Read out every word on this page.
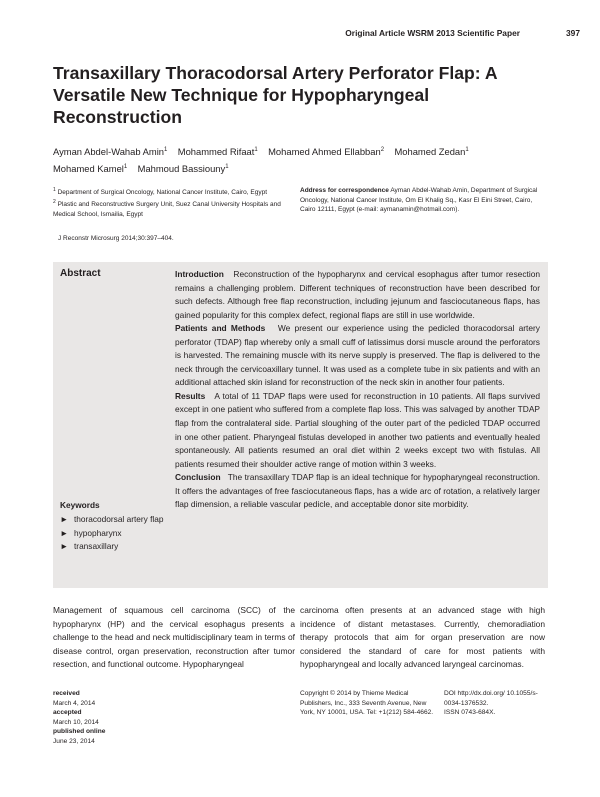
Original Article WSRM 2013 Scientific Paper	397
Transaxillary Thoracodorsal Artery Perforator Flap: A Versatile New Technique for Hypopharyngeal Reconstruction
Ayman Abdel-Wahab Amin$^1$ Mohammed Rifaat$^1$ Mohamed Ahmed Ellabban$^2$ Mohamed Zedan$^1$
Mohamed Kamel$^1$ Mahmoud Bassiouny$^1$

$^1$ Department of Surgical Oncology, National Cancer Institute, Cairo, Egypt

$^2$ Plastic and Reconstructive Surgery Unit, Suez Canal University Hospitals and Medical School, Ismailia, Egypt

Address for correspondence Ayman Abdel-Wahab Amin, Department of Surgical Oncology, National Cancer Institute, Om El Khalig Sq., Kasr El Eini Street, Cairo, Cairo 12111, Egypt (e-mail: aymanamin@hotmail.com).
J Reconstr Microsurg 2014;30:397–404.
Abstract	Introduction Reconstruction of the hypopharynx and cervical esophagus after tumor resection remains a challenging problem. Different techniques of reconstruction have been described for such defects. Although free flap reconstruction, including jejunum and fasciocutaneous flaps, has gained popularity for this complex defect, regional flaps are still in use worldwide.

Patients and Methods We present our experience using the pedicled thoracodorsal artery perforator (TDAP) flap whereby only a small cuff of latissimus dorsi muscle around the perforators is harvested. The remaining muscle with its nerve supply is preserved. The flap is delivered to the neck through the cervicoaxillary tunnel. It was used as a complete tube in six patients and with an additional attached skin island for reconstruction of the neck skin in another four patients.

Results A total of 11 TDAP flaps were used for reconstruction in 10 patients. All flaps survived except in one patient who suffered from a complete flap loss. This was salvaged by another TDAP flap from the contralateral side. Partial sloughing of the outer part of the pedicled TDAP occurred in one other patient. Pharyngeal fistulas developed in another two patients and eventually healed spontaneously. All patients resumed an oral diet within 2 weeks except two with fistulas. All patients resumed their shoulder active range of motion within 3 weeks.

Conclusion The transaxillary TDAP flap is an ideal technique for hypopharyngeal reconstruction. It offers the advantages of free fasciocutaneous flaps, has a wide arc of rotation, a relatively larger flap dimension, a reliable vascular pedicle, and acceptable donor site morbidity.

Keywords
► thoracodorsal artery flap
► hypopharynx
► transaxillary
Management of squamous cell carcinoma (SCC) of the hypopharynx (HP) and the cervical esophagus presents a challenge to the head and neck multidisciplinary team in terms of disease control, organ preservation, reconstruction after tumor resection, and functional outcome. Hypopharyngeal
carcinoma often presents at an advanced stage with high incidence of distant metastases. Currently, chemoradiation therapy protocols that aim for organ preservation are now considered the standard of care for most patients with hypopharyngeal and locally advanced laryngeal carcinomas.
received
March 4, 2014
accepted
March 10, 2014
published online
June 23, 2014
Copyright © 2014 by Thieme Medical Publishers, Inc., 333 Seventh Avenue, New York, NY 10001, USA. Tel: +1(212) 584-4662.
DOI http://dx.doi.org/ 10.1055/s-0034-1376532.
ISSN 0743-684X.
